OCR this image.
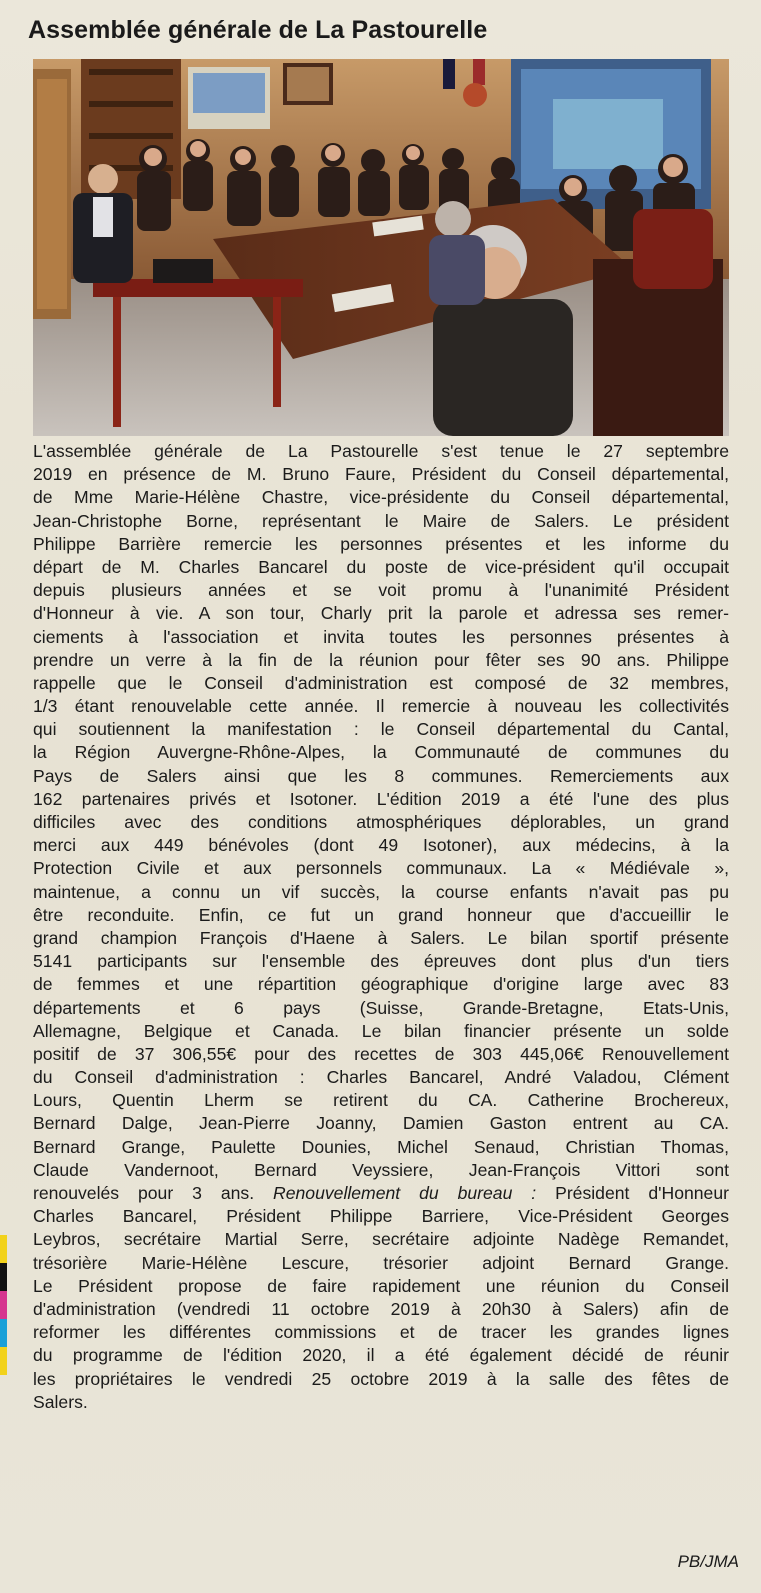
Assemblée générale de La Pastourelle
L'assemblée générale de La Pastourelle s'est tenue le 27 septembre
2019 en présence de M. Bruno Faure, Président du Conseil départemental,
de Mme Marie-Hélène Chastre, vice-présidente du Conseil départemental,
Jean-Christophe Borne, représentant le Maire de Salers. Le président
Philippe Barrière remercie les personnes présentes et les informe du
départ de M. Charles Bancarel du poste de vice-président qu'il occupait
depuis plusieurs années et se voit promu à l'unanimité Président
d'Honneur à vie. A son tour, Charly prit la parole et adressa ses remer-
ciements à l'association et invita toutes les personnes présentes à
prendre un verre à la fin de la réunion pour fêter ses 90 ans. Philippe
rappelle que le Conseil d'administration est composé de 32 membres,
1/3 étant renouvelable cette année. Il remercie à nouveau les collectivités
qui soutiennent la manifestation : le Conseil départemental du Cantal,
la Région Auvergne-Rhône-Alpes, la Communauté de communes du
Pays de Salers ainsi que les 8 communes. Remerciements aux
162 partenaires privés et Isotoner. L'édition 2019 a été l'une des plus
difficiles avec des conditions atmosphériques déplorables, un grand
merci aux 449 bénévoles (dont 49 Isotoner), aux médecins, à la
Protection Civile et aux personnels communaux. La « Médiévale »,
maintenue, a connu un vif succès, la course enfants n'avait pas pu
être reconduite. Enfin, ce fut un grand honneur que d'accueillir le
grand champion François d'Haene à Salers. Le bilan sportif présente
5141 participants sur l'ensemble des épreuves dont plus d'un tiers
de femmes et une répartition géographique d'origine large avec 83
départements et 6 pays (Suisse, Grande-Bretagne, Etats-Unis,
Allemagne, Belgique et Canada. Le bilan financier présente un solde
positif de 37 306,55€ pour des recettes de 303 445,06€ Renouvellement
du Conseil d'administration : Charles Bancarel, André Valadou, Clément
Lours, Quentin Lherm se retirent du CA. Catherine Brochereux,
Bernard Dalge, Jean-Pierre Joanny, Damien Gaston entrent au CA.
Bernard Grange, Paulette Dounies, Michel Senaud, Christian Thomas,
Claude Vandernoot, Bernard Veyssiere, Jean-François Vittori sont
renouvelés pour 3 ans. Renouvellement du bureau : Président d'Honneur
Charles Bancarel, Président Philippe Barriere, Vice-Président Georges
Leybros, secrétaire Martial Serre, secrétaire adjointe Nadège Remandet,
trésorière Marie-Hélène Lescure, trésorier adjoint Bernard Grange.
Le Président propose de faire rapidement une réunion du Conseil
d'administration (vendredi 11 octobre 2019 à 20h30 à Salers) afin de
reformer les différentes commissions et de tracer les grandes lignes
du programme de l'édition 2020, il a été également décidé de réunir
les propriétaires le vendredi 25 octobre 2019 à la salle des fêtes de
Salers.
PB/JMA
